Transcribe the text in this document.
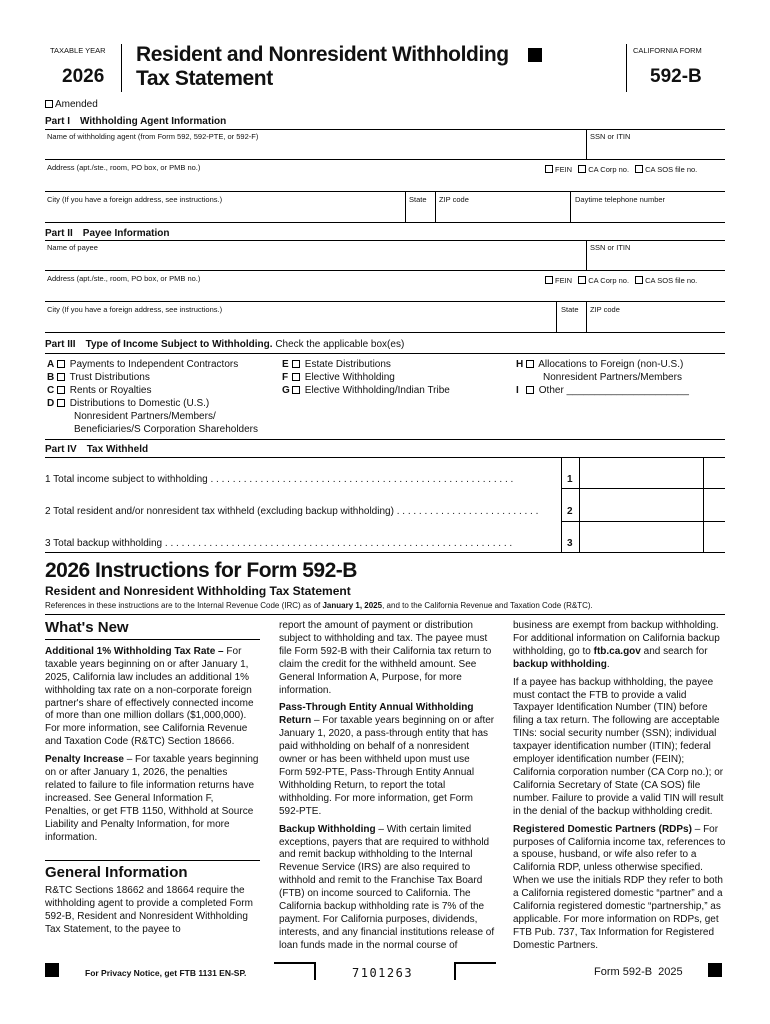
TAXABLE YEAR
2026
Resident and Nonresident Withholding
Tax Statement
CALIFORNIA FORM
592-B
Amended
Part I Withholding Agent Information
Name of withholding agent (from Form 592, 592-PTE, or 592-F)	SSN or ITIN
Address (apt./ste., room, PO box, or PMB no.)	FEIN CA Corp no. CA SOS file no.
City (If you have a foreign address, see instructions.)	State ZIP code	Daytime telephone number
Part II Payee Information
Name of payee	SSN or ITIN
Address (apt./ste., room, PO box, or PMB no.)	FEIN CA Corp no. CA SOS file no.
City (If you have a foreign address, see instructions.)	State ZIP code
Part III Type of Income Subject to Withholding. Check the applicable box(es)
A Payments to Independent Contractors
B Trust Distributions
C Rents or Royalties
D Distributions to Domestic (U.S.)
Nonresident Partners/Members/
Beneficiaries/S Corporation Shareholders
E Estate Distributions
F Elective Withholding
G Elective Withholding/Indian Tribe
H Allocations to Foreign (non-U.S.)
Nonresident Partners/Members
I Other ______________________
Part IV Tax Withheld
1 Total income subject to withholding . . . . . . . . . . . . . . . . . . . . . . . . . . . . . . . . . . . . . . . . . . . . . . . . . . . . . . .	1
2 Total resident and/or nonresident tax withheld (excluding backup withholding) . . . . . . . . . . . . . . . . . . . . . . . . . .	2
3 Total backup withholding . . . . . . . . . . . . . . . . . . . . . . . . . . . . . . . . . . . . . . . . . . . . . . . . . . . . . . . . . . . . . . .	3
2026 Instructions for Form 592-B
Resident and Nonresident Withholding Tax Statement
References in these instructions are to the Internal Revenue Code (IRC) as of January 1, 2025, and to the California Revenue and Taxation Code (R&TC).
What's New

Additional 1% Withholding Tax Rate – For taxable years beginning on or after January 1, 2025, California law includes an additional 1% withholding tax rate on a non-corporate foreign partner's share of effectively connected income of more than one million dollars ($1,000,000). For more information, see California Revenue and Taxation Code (R&TC) Section 18666.

Penalty Increase – For taxable years beginning on or after January 1, 2026, the penalties related to failure to file information returns have increased. See General Information F, Penalties, or get FTB 1150, Withhold at Source Liability and Penalty Information, for more information.

General Information

R&TC Sections 18662 and 18664 require the withholding agent to provide a completed Form 592-B, Resident and Nonresident Withholding Tax Statement, to the payee to

report the amount of payment or distribution subject to withholding and tax. The payee must file Form 592-B with their California tax return to claim the credit for the withheld amount. See General Information A, Purpose, for more information.

Pass-Through Entity Annual Withholding Return – For taxable years beginning on or after January 1, 2020, a pass-through entity that has paid withholding on behalf of a nonresident owner or has been withheld upon must use Form 592-PTE, Pass-Through Entity Annual Withholding Return, to report the total withholding. For more information, get Form 592-PTE.

Backup Withholding – With certain limited exceptions, payers that are required to withhold and remit backup withholding to the Internal Revenue Service (IRS) are also required to withhold and remit to the Franchise Tax Board (FTB) on income sourced to California. The California backup withholding rate is 7% of the payment. For California purposes, dividends, interests, and any financial institutions release of loan funds made in the normal course of

business are exempt from backup withholding. For additional information on California backup withholding, go to ftb.ca.gov and search for backup withholding.

If a payee has backup withholding, the payee must contact the FTB to provide a valid Taxpayer Identification Number (TIN) before filing a tax return. The following are acceptable TINs: social security number (SSN); individual taxpayer identification number (ITIN); federal employer identification number (FEIN); California corporation number (CA Corp no.); or California Secretary of State (CA SOS) file number. Failure to provide a valid TIN will result in the denial of the backup withholding credit.

Registered Domestic Partners (RDPs) – For purposes of California income tax, references to a spouse, husband, or wife also refer to a California RDP, unless otherwise specified. When we use the initials RDP they refer to both a California registered domestic “partner” and a California registered domestic “partnership,” as applicable. For more information on RDPs, get FTB Pub. 737, Tax Information for Registered Domestic Partners.

For Privacy Notice, get FTB 1131 EN-SP.	7101263	Form 592-B  2025
